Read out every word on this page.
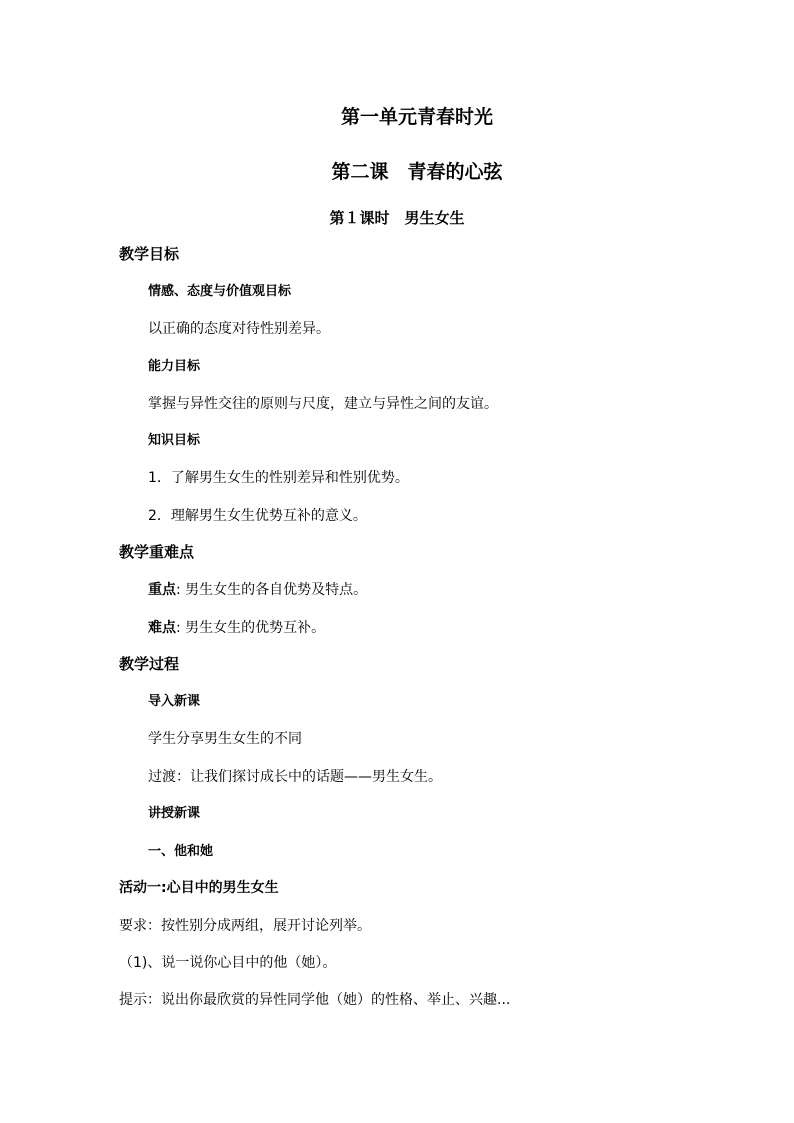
第一单元青春时光
第二课　青春的心弦
第１课时　男生女生
教学目标
情感、态度与价值观目标
以正确的态度对待性别差异。
能力目标
掌握与异性交往的原则与尺度，建立与异性之间的友谊。
知识目标
1．了解男生女生的性别差异和性别优势。
2．理解男生女生优势互补的意义。
教学重难点
重点: 男生女生的各自优势及特点。
难点: 男生女生的优势互补。
教学过程
导入新课
学生分享男生女生的不同
过渡：让我们探讨成长中的话题——男生女生。
讲授新课
一、他和她
活动一:心目中的男生女生
要求：按性别分成两组，展开讨论列举。
（1)、说一说你心目中的他（她）。
提示：说出你最欣赏的异性同学他（她）的性格、举止、兴趣...
